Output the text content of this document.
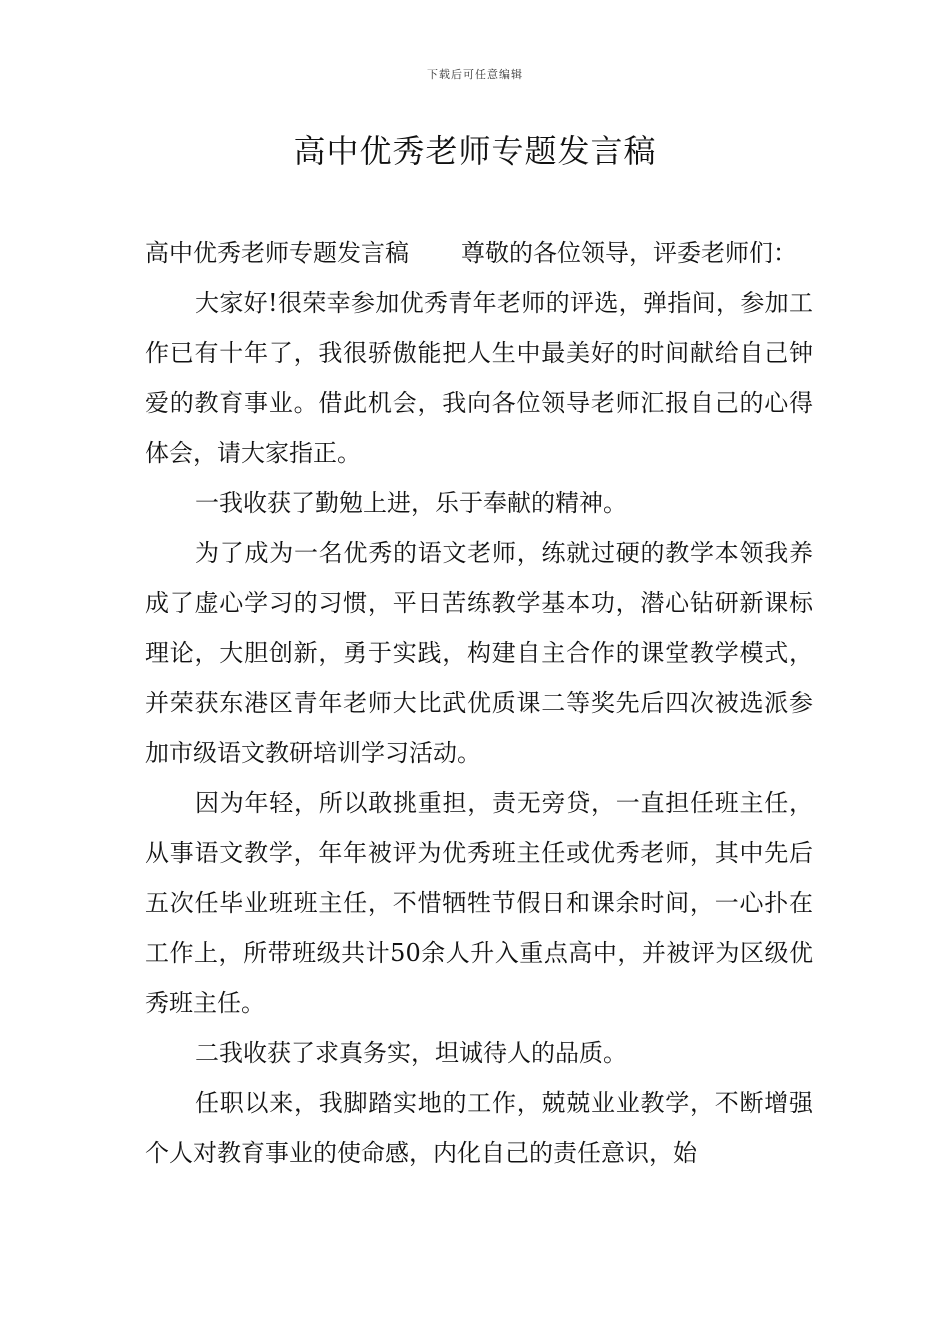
下载后可任意编辑
高中优秀老师专题发言稿

高中优秀老师专题发言稿 尊敬的各位领导，评委老师们：

大家好!很荣幸参加优秀青年老师的评选，弹指间，参加工作已有十年了，我很骄傲能把人生中最美好的时间献给自己钟爱的教育事业。借此机会，我向各位领导老师汇报自己的心得体会，请大家指正。

一我收获了勤勉上进，乐于奉献的精神。

为了成为一名优秀的语文老师，练就过硬的教学本领我养成了虚心学习的习惯，平日苦练教学基本功，潜心钻研新课标理论，大胆创新，勇于实践，构建自主合作的课堂教学模式，并荣获东港区青年老师大比武优质课二等奖先后四次被选派参加市级语文教研培训学习活动。

因为年轻，所以敢挑重担，责无旁贷，一直担任班主任，从事语文教学，年年被评为优秀班主任或优秀老师，其中先后五次任毕业班班主任，不惜牺牲节假日和课余时间，一心扑在工作上，所带班级共计50余人升入重点高中，并被评为区级优秀班主任。

二我收获了求真务实，坦诚待人的品质。

任职以来，我脚踏实地的工作，兢兢业业教学，不断增强个人对教育事业的使命感，内化自己的责任意识，始
